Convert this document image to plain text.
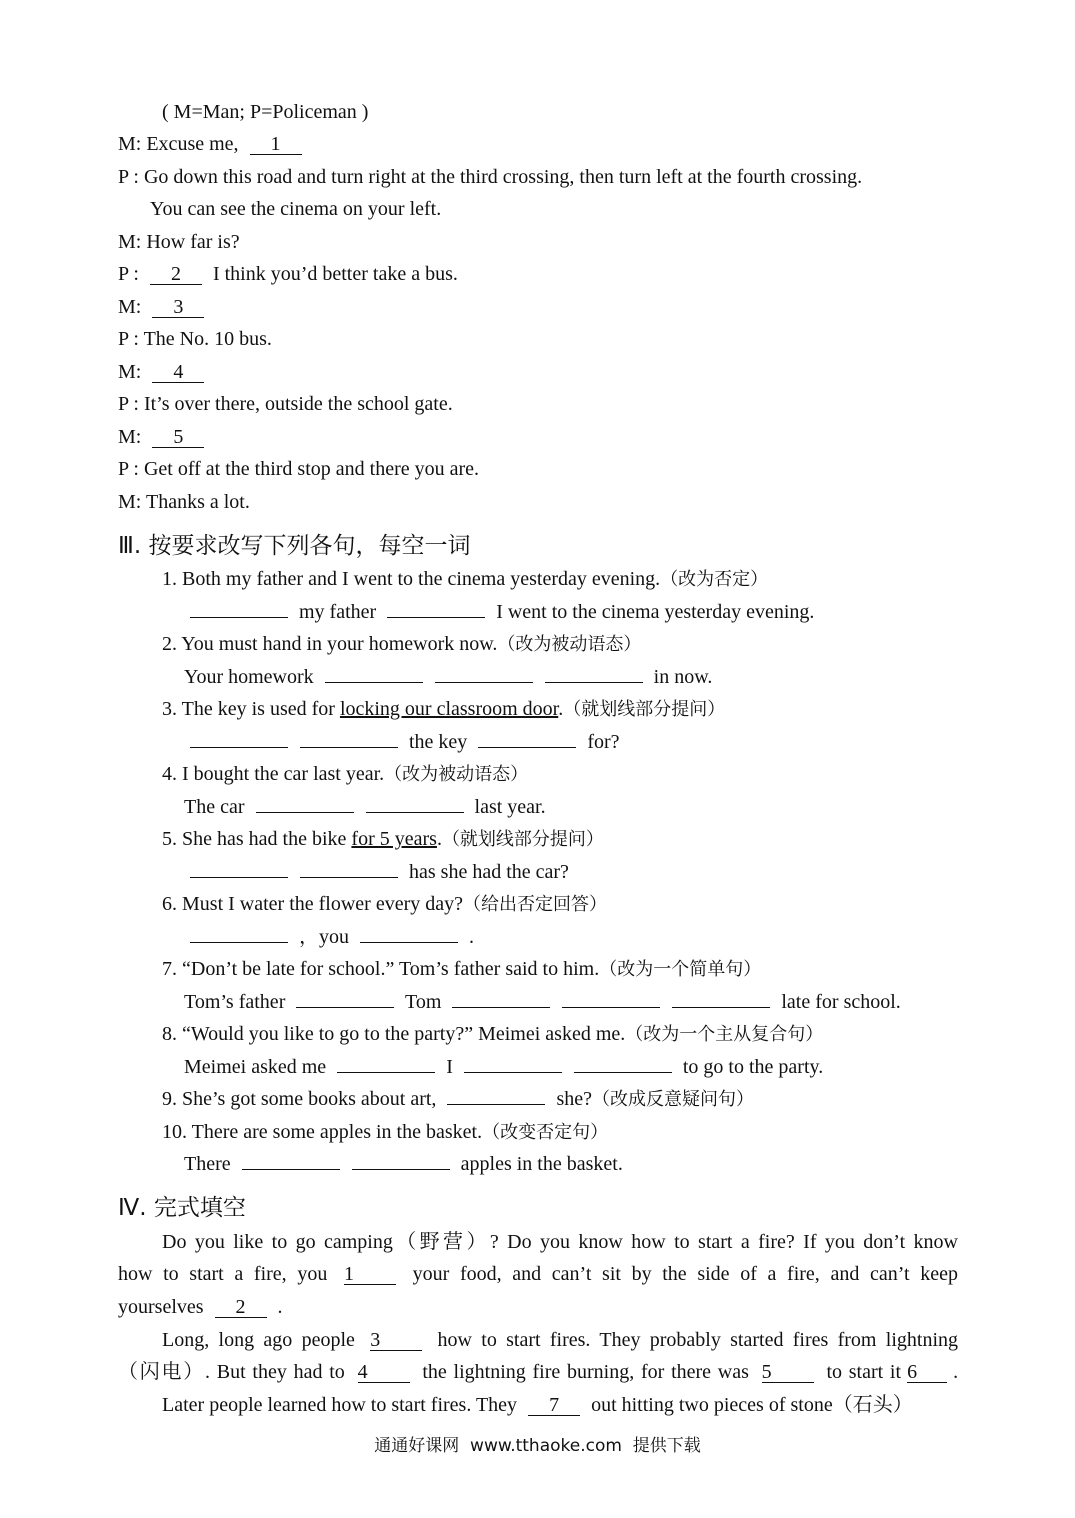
( M=Man; P=Policeman )
M: Excuse me, 1
P : Go down this road and turn right at the third crossing, then turn left at the fourth crossing.
You can see the cinema on your left.
M: How far is?
P : 2 I think you’d better take a bus.
M: 3
P : The No. 10 bus.
M: 4
P : It’s over there, outside the school gate.
M: 5
P : Get off at the third stop and there you are.
M: Thanks a lot.
Ⅲ. 按要求改写下列各句，每空一词
1. Both my father and I went to the cinema yesterday evening.（改为否定）
my father	I went to the cinema yesterday evening.
2. You must hand in your homework now.（改为被动语态）
Your homework	in now.
3. The key is used for locking our classroom door.（就划线部分提问）
the key	for?
4. I bought the car last year.（改为被动语态）
The car	last year.
5. She has had the bike for 5 years.（就划线部分提问）
has she had the car?
6. Must I water the flower every day?（给出否定回答）
，you	.
7. “Don’t be late for school.” Tom’s father said to him.（改为一个简单句）
Tom’s father	Tom	late for school.
8. “Would you like to go to the party?” Meimei asked me.（改为一个主从复合句）
Meimei asked me	I	to go to the party.
9. She’s got some books about art,	she?（改成反意疑问句）
10. There are some apples in the basket.（改变否定句）
There	apples in the basket.
Ⅳ. 完式填空
Do you like to go camping（野营）? Do you know how to start a fire? If you don’t know
how to start a fire, you 1	your food, and can’t sit by the side of a fire, and can’t keep
yourselves 2 .
Long, long ago people 3	how to start fires. They probably started fires from lightning
（闪电）. But they had to 4	the lightning fire burning, for there was 5	to start it 6 .
Later people learned how to start fires. They 7 out hitting two pieces of stone（石头）
通通好课网  www.tthaoke.com  提供下载
